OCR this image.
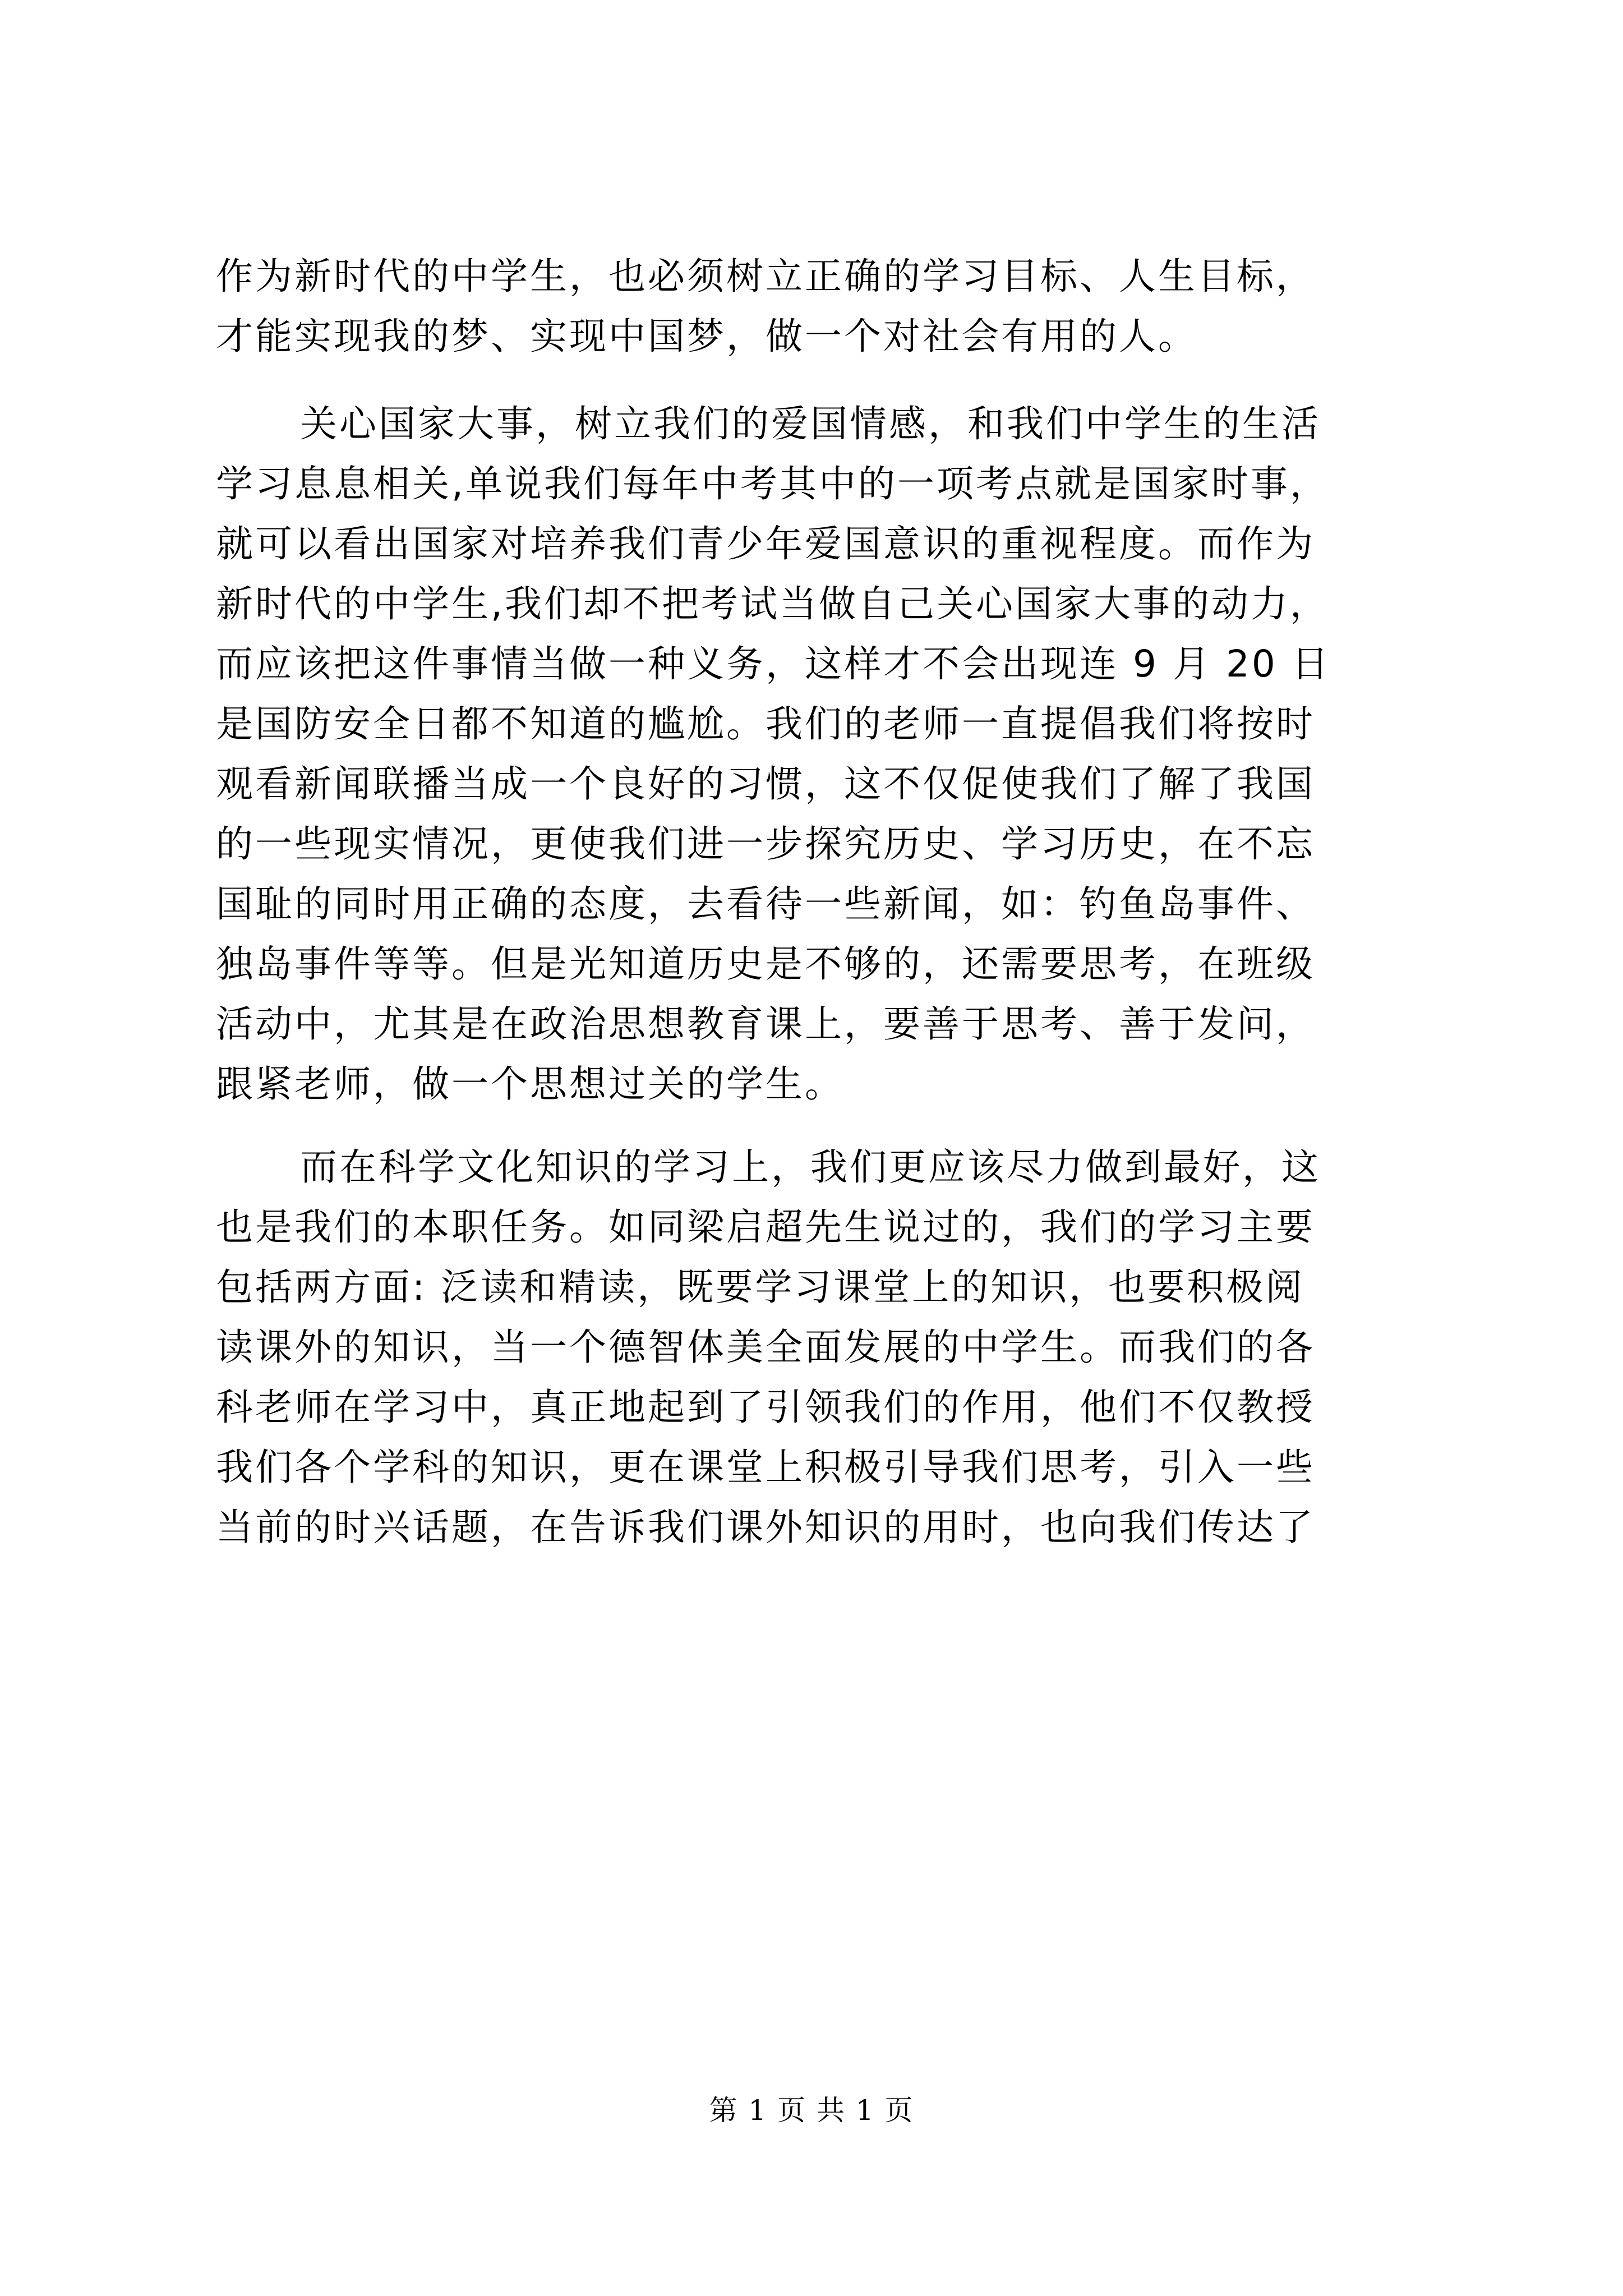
作为新时代的中学生，也必须树立正确的学习目标、人生目标，
才能实现我的梦、实现中国梦，做一个对社会有用的人。
关心国家大事，树立我们的爱国情感，和我们中学生的生活
学习息息相关,单说我们每年中考其中的一项考点就是国家时事，
就可以看出国家对培养我们青少年爱国意识的重视程度。而作为
新时代的中学生,我们却不把考试当做自己关心国家大事的动力，
而应该把这件事情当做一种义务，这样才不会出现连 9 月 20 日
是国防安全日都不知道的尴尬。我们的老师一直提倡我们将按时
观看新闻联播当成一个良好的习惯，这不仅促使我们了解了我国
的一些现实情况，更使我们进一步探究历史、学习历史，在不忘
国耻的同时用正确的态度，去看待一些新闻，如：钓鱼岛事件、
独岛事件等等。但是光知道历史是不够的，还需要思考，在班级
活动中，尤其是在政治思想教育课上，要善于思考、善于发问，
跟紧老师，做一个思想过关的学生。
而在科学文化知识的学习上，我们更应该尽力做到最好，这
也是我们的本职任务。如同梁启超先生说过的，我们的学习主要
包括两方面: 泛读和精读，既要学习课堂上的知识，也要积极阅
读课外的知识，当一个德智体美全面发展的中学生。而我们的各
科老师在学习中，真正地起到了引领我们的作用，他们不仅教授
我们各个学科的知识，更在课堂上积极引导我们思考，引入一些
当前的时兴话题，在告诉我们课外知识的用时，也向我们传达了
第 1 页 共 1 页
